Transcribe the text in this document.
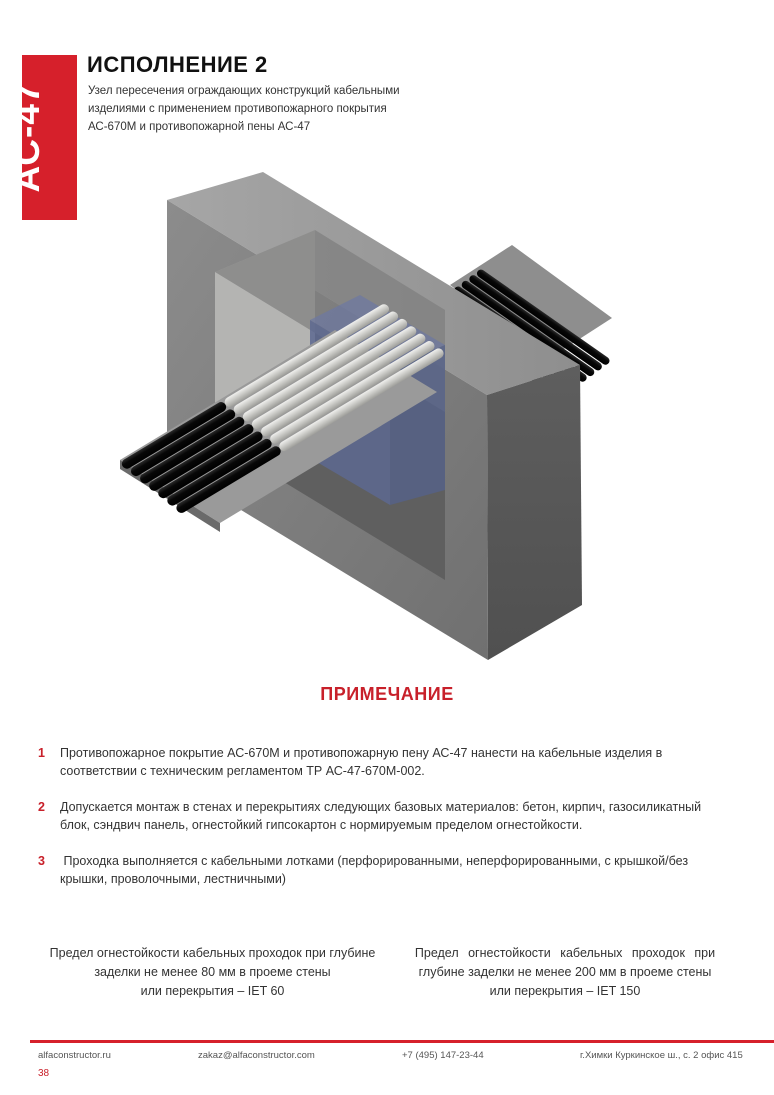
АС-47
ИСПОЛНЕНИЕ 2
Узел пересечения ограждающих конструкций кабельными
изделиями с применением противопожарного покрытия
АС-670М и противопожарной пены АС-47
ПРИМЕЧАНИЕ
1 Противопожарное покрытие АС-670М и противопожарную пену АС-47 нанести на кабельные изделия в
соответствии с техническим регламентом ТР АС-47-670М-002.
2 Допускается монтаж в стенах и перекрытиях следующих базовых материалов: бетон, кирпич, газосиликатный
блок, сэндвич панель, огнестойкий гипсокартон с нормируемым пределом огнестойкости.
3 Проходка выполняется с кабельными лотками (перфорированными, неперфорированными, с крышкой/без
крышки, проволочными, лестничными)
Предел огнестойкости кабельных проходок при глубине
заделки не менее 80 мм в проеме стены
или перекрытия – IET 60
Предел огнестойкости кабельных проходок при
глубине заделки не менее 200 мм в проеме стены
или перекрытия – IET 150
alfaconstructor.ru	zakaz@alfaconstructor.com	+7 (495) 147-23-44	г.Химки Куркинское ш., с. 2 офис 415
38
